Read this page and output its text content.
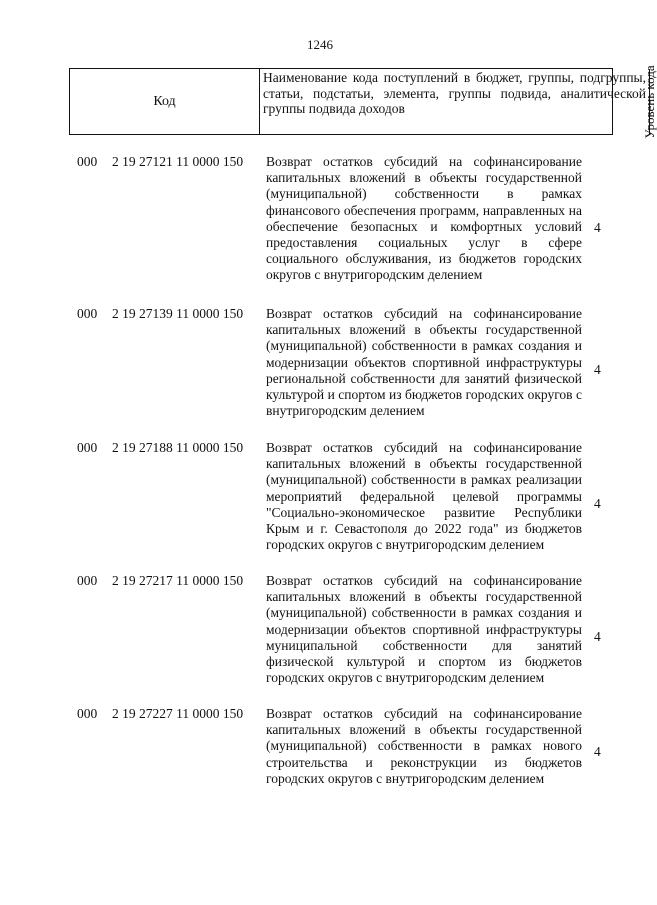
1246
Код
Наименование кода поступлений в бюджет, группы, подгруппы, статьи, подстатьи, элемента, группы подвида, аналитической группы подвида доходов	Уровень кода
000 2 19 27121 11 0000 150 Возврат остатков субсидий на софинансирование капитальных вложений в объекты государственной (муниципальной) собственности в рамках финансового обеспечения программ, направленных на обеспечение безопасных и комфортных условий предоставления социальных услуг в сфере социального обслуживания, из бюджетов городских округов с внутригородским делением
4
000 2 19 27139 11 0000 150 Возврат остатков субсидий на софинансирование капитальных вложений в объекты государственной (муниципальной) собственности в рамках создания и модернизации объектов спортивной инфраструктуры региональной собственности для занятий физической культурой и спортом из бюджетов городских округов с внутригородским делением
4
000 2 19 27188 11 0000 150 Возврат остатков субсидий на софинансирование капитальных вложений в объекты государственной (муниципальной) собственности в рамках реализации мероприятий федеральной целевой программы "Социально-экономическое развитие Республики Крым и г. Севастополя до 2022 года" из бюджетов городских округов с внутригородским делением
4
000 2 19 27217 11 0000 150 Возврат остатков субсидий на софинансирование капитальных вложений в объекты государственной (муниципальной) собственности в рамках создания и модернизации объектов спортивной инфраструктуры муниципальной собственности для занятий физической культурой и спортом из бюджетов городских округов с внутригородским делением
4
000 2 19 27227 11 0000 150 Возврат остатков субсидий на софинансирование капитальных вложений в объекты государственной (муниципальной) собственности в рамках нового строительства и реконструкции из бюджетов городских округов с внутригородским делением
4
